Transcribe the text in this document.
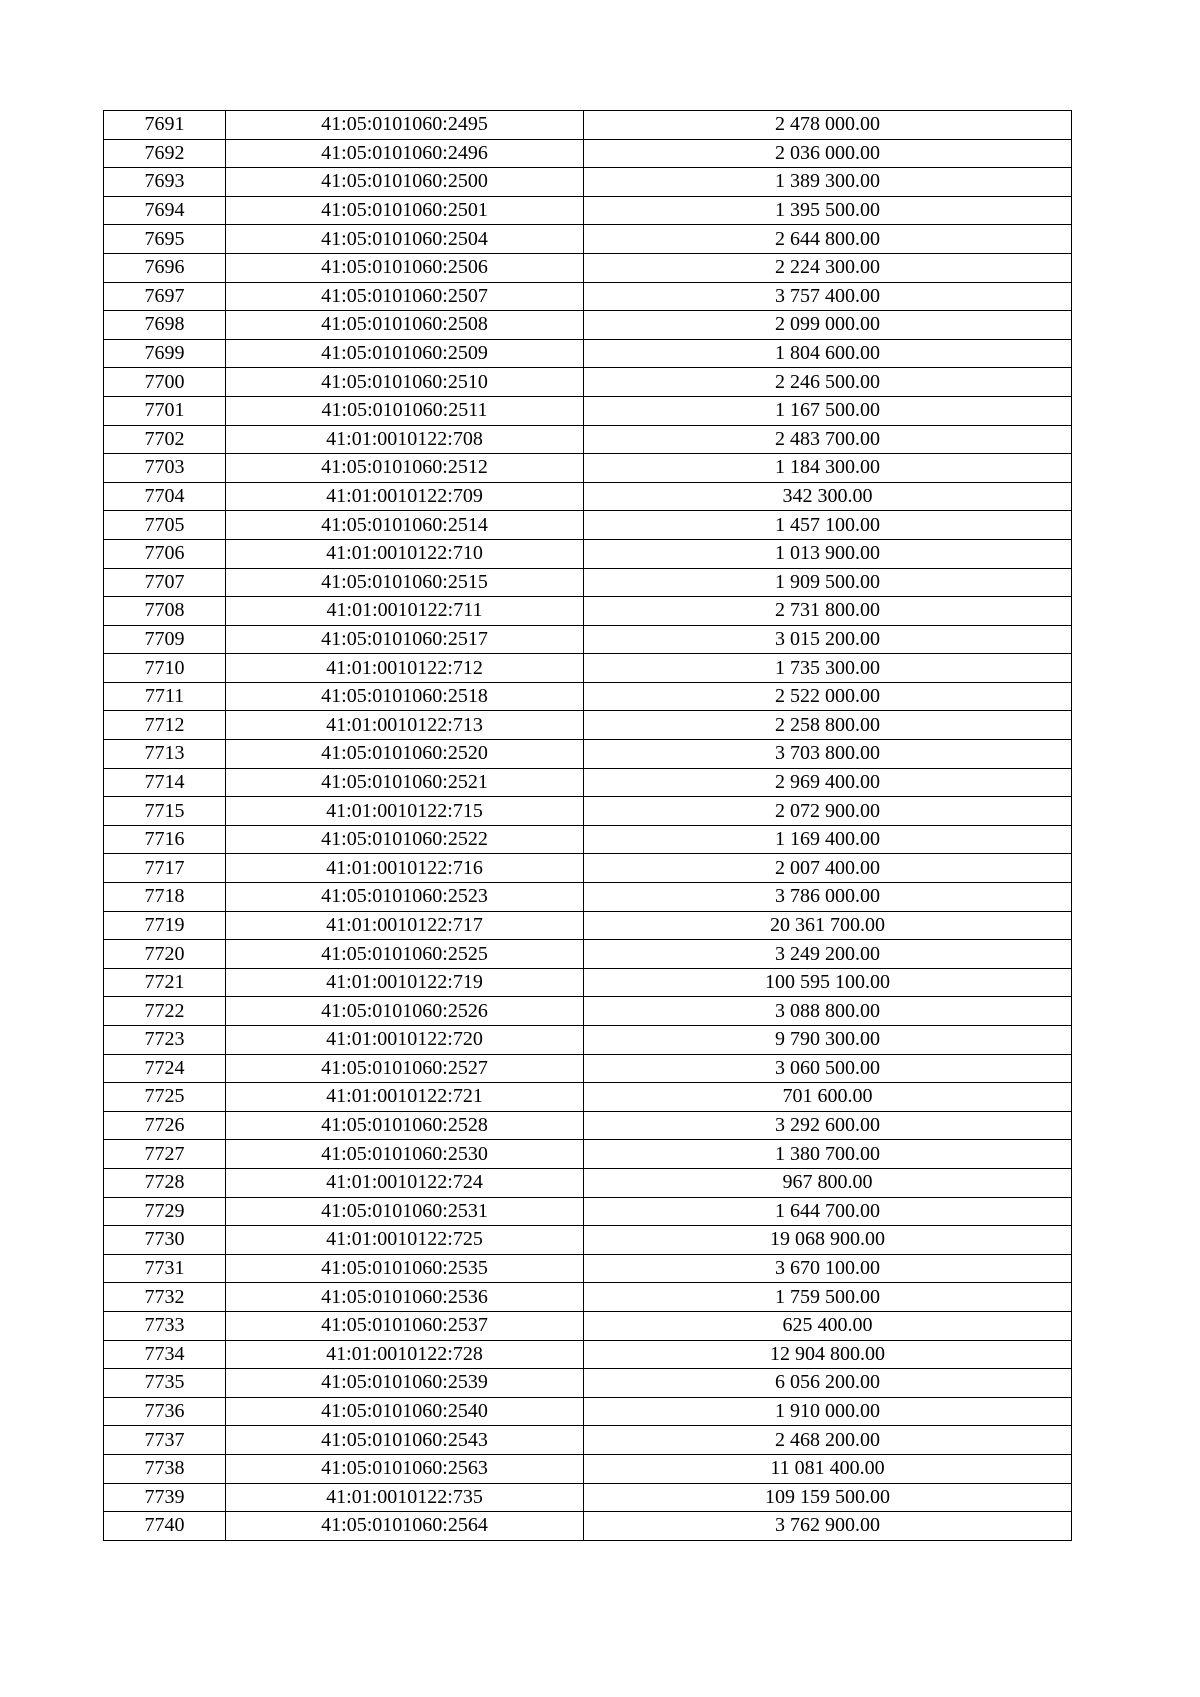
7691	41:05:0101060:2495	2 478 000.00
7692	41:05:0101060:2496	2 036 000.00
7693	41:05:0101060:2500	1 389 300.00
7694	41:05:0101060:2501	1 395 500.00
7695	41:05:0101060:2504	2 644 800.00
7696	41:05:0101060:2506	2 224 300.00
7697	41:05:0101060:2507	3 757 400.00
7698	41:05:0101060:2508	2 099 000.00
7699	41:05:0101060:2509	1 804 600.00
7700	41:05:0101060:2510	2 246 500.00
7701	41:05:0101060:2511	1 167 500.00
7702	41:01:0010122:708	2 483 700.00
7703	41:05:0101060:2512	1 184 300.00
7704	41:01:0010122:709	342 300.00
7705	41:05:0101060:2514	1 457 100.00
7706	41:01:0010122:710	1 013 900.00
7707	41:05:0101060:2515	1 909 500.00
7708	41:01:0010122:711	2 731 800.00
7709	41:05:0101060:2517	3 015 200.00
7710	41:01:0010122:712	1 735 300.00
7711	41:05:0101060:2518	2 522 000.00
7712	41:01:0010122:713	2 258 800.00
7713	41:05:0101060:2520	3 703 800.00
7714	41:05:0101060:2521	2 969 400.00
7715	41:01:0010122:715	2 072 900.00
7716	41:05:0101060:2522	1 169 400.00
7717	41:01:0010122:716	2 007 400.00
7718	41:05:0101060:2523	3 786 000.00
7719	41:01:0010122:717	20 361 700.00
7720	41:05:0101060:2525	3 249 200.00
7721	41:01:0010122:719	100 595 100.00
7722	41:05:0101060:2526	3 088 800.00
7723	41:01:0010122:720	9 790 300.00
7724	41:05:0101060:2527	3 060 500.00
7725	41:01:0010122:721	701 600.00
7726	41:05:0101060:2528	3 292 600.00
7727	41:05:0101060:2530	1 380 700.00
7728	41:01:0010122:724	967 800.00
7729	41:05:0101060:2531	1 644 700.00
7730	41:01:0010122:725	19 068 900.00
7731	41:05:0101060:2535	3 670 100.00
7732	41:05:0101060:2536	1 759 500.00
7733	41:05:0101060:2537	625 400.00
7734	41:01:0010122:728	12 904 800.00
7735	41:05:0101060:2539	6 056 200.00
7736	41:05:0101060:2540	1 910 000.00
7737	41:05:0101060:2543	2 468 200.00
7738	41:05:0101060:2563	11 081 400.00
7739	41:01:0010122:735	109 159 500.00
7740	41:05:0101060:2564	3 762 900.00
